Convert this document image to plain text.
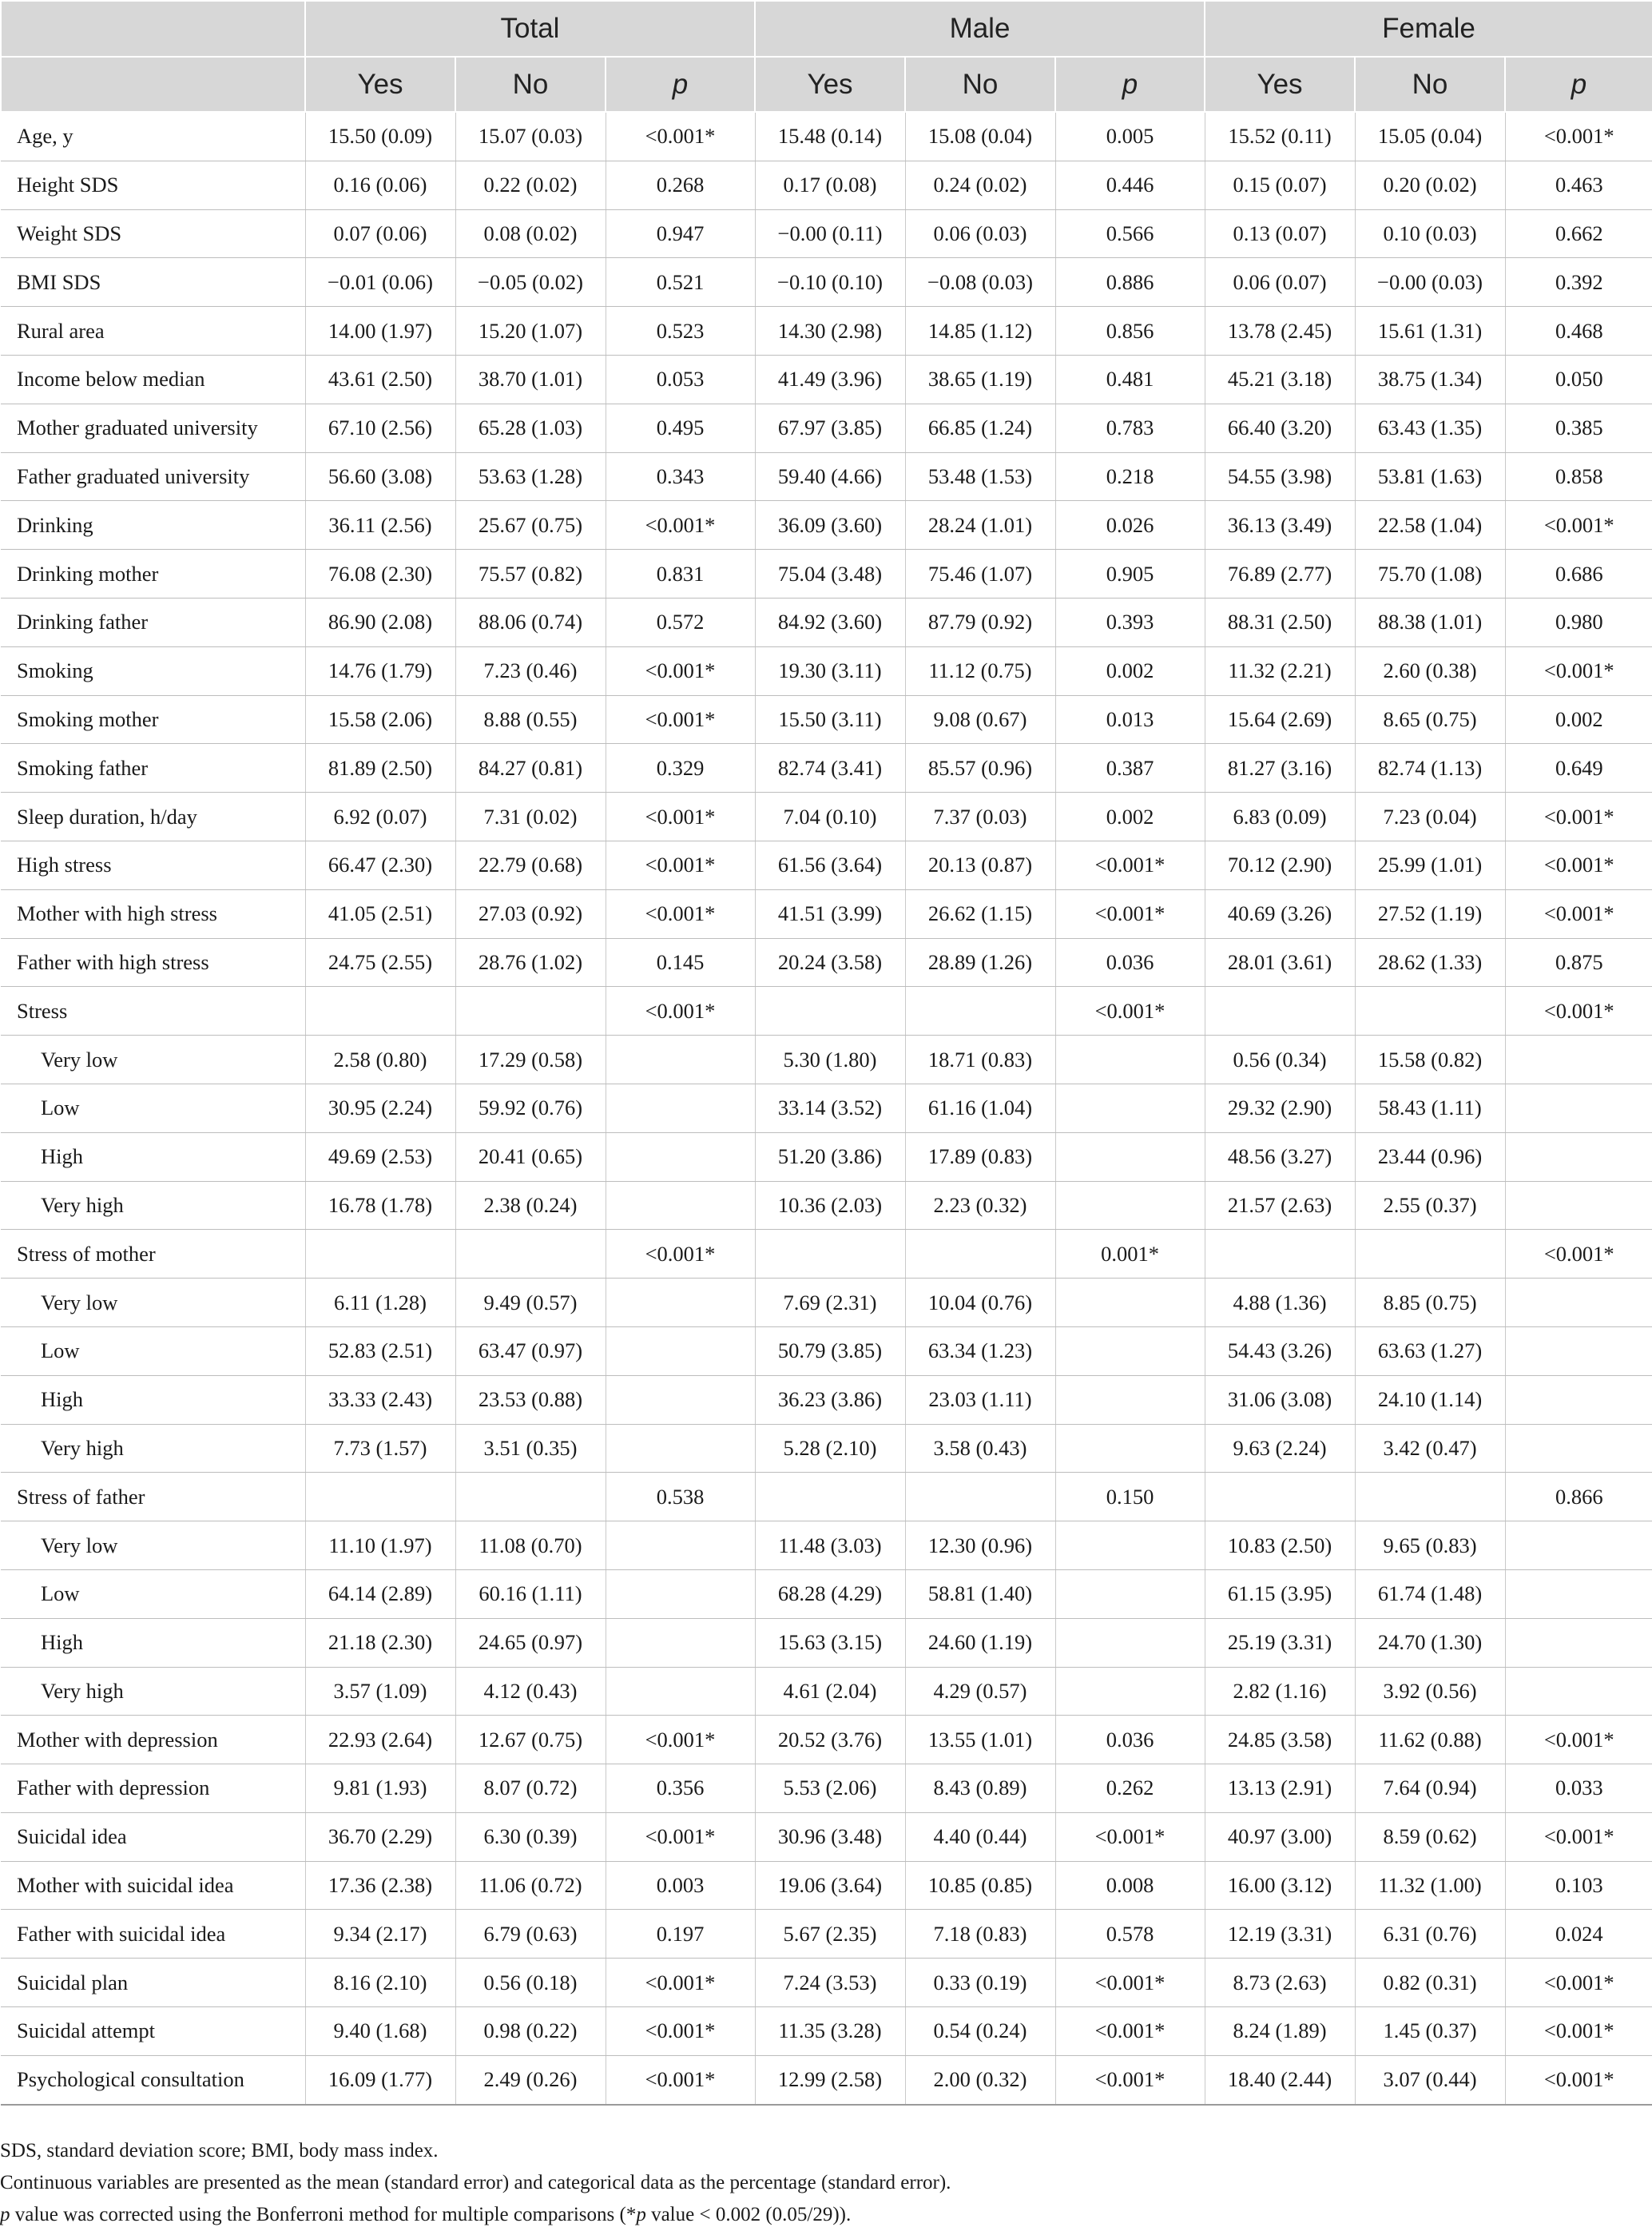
	Total			Male			Female		
	Yes	No	p	Yes	No	p	Yes	No	p
Age, y	15.50 (0.09)	15.07 (0.03)	<0.001*	15.48 (0.14)	15.08 (0.04)	0.005	15.52 (0.11)	15.05 (0.04)	<0.001*
Height SDS	0.16 (0.06)	0.22 (0.02)	0.268	0.17 (0.08)	0.24 (0.02)	0.446	0.15 (0.07)	0.20 (0.02)	0.463
Weight SDS	0.07 (0.06)	0.08 (0.02)	0.947	−0.00 (0.11)	0.06 (0.03)	0.566	0.13 (0.07)	0.10 (0.03)	0.662
BMI SDS	−0.01 (0.06)	−0.05 (0.02)	0.521	−0.10 (0.10)	−0.08 (0.03)	0.886	0.06 (0.07)	−0.00 (0.03)	0.392
Rural area	14.00 (1.97)	15.20 (1.07)	0.523	14.30 (2.98)	14.85 (1.12)	0.856	13.78 (2.45)	15.61 (1.31)	0.468
Income below median	43.61 (2.50)	38.70 (1.01)	0.053	41.49 (3.96)	38.65 (1.19)	0.481	45.21 (3.18)	38.75 (1.34)	0.050
Mother graduated university	67.10 (2.56)	65.28 (1.03)	0.495	67.97 (3.85)	66.85 (1.24)	0.783	66.40 (3.20)	63.43 (1.35)	0.385
Father graduated university	56.60 (3.08)	53.63 (1.28)	0.343	59.40 (4.66)	53.48 (1.53)	0.218	54.55 (3.98)	53.81 (1.63)	0.858
Drinking	36.11 (2.56)	25.67 (0.75)	<0.001*	36.09 (3.60)	28.24 (1.01)	0.026	36.13 (3.49)	22.58 (1.04)	<0.001*
Drinking mother	76.08 (2.30)	75.57 (0.82)	0.831	75.04 (3.48)	75.46 (1.07)	0.905	76.89 (2.77)	75.70 (1.08)	0.686
Drinking father	86.90 (2.08)	88.06 (0.74)	0.572	84.92 (3.60)	87.79 (0.92)	0.393	88.31 (2.50)	88.38 (1.01)	0.980
Smoking	14.76 (1.79)	7.23 (0.46)	<0.001*	19.30 (3.11)	11.12 (0.75)	0.002	11.32 (2.21)	2.60 (0.38)	<0.001*
Smoking mother	15.58 (2.06)	8.88 (0.55)	<0.001*	15.50 (3.11)	9.08 (0.67)	0.013	15.64 (2.69)	8.65 (0.75)	0.002
Smoking father	81.89 (2.50)	84.27 (0.81)	0.329	82.74 (3.41)	85.57 (0.96)	0.387	81.27 (3.16)	82.74 (1.13)	0.649
Sleep duration, h/day	6.92 (0.07)	7.31 (0.02)	<0.001*	7.04 (0.10)	7.37 (0.03)	0.002	6.83 (0.09)	7.23 (0.04)	<0.001*
High stress	66.47 (2.30)	22.79 (0.68)	<0.001*	61.56 (3.64)	20.13 (0.87)	<0.001*	70.12 (2.90)	25.99 (1.01)	<0.001*
Mother with high stress	41.05 (2.51)	27.03 (0.92)	<0.001*	41.51 (3.99)	26.62 (1.15)	<0.001*	40.69 (3.26)	27.52 (1.19)	<0.001*
Father with high stress	24.75 (2.55)	28.76 (1.02)	0.145	20.24 (3.58)	28.89 (1.26)	0.036	28.01 (3.61)	28.62 (1.33)	0.875
Stress			<0.001*			<0.001*			<0.001*
Very low	2.58 (0.80)	17.29 (0.58)		5.30 (1.80)	18.71 (0.83)		0.56 (0.34)	15.58 (0.82)	
Low	30.95 (2.24)	59.92 (0.76)		33.14 (3.52)	61.16 (1.04)		29.32 (2.90)	58.43 (1.11)	
High	49.69 (2.53)	20.41 (0.65)		51.20 (3.86)	17.89 (0.83)		48.56 (3.27)	23.44 (0.96)	
Very high	16.78 (1.78)	2.38 (0.24)		10.36 (2.03)	2.23 (0.32)		21.57 (2.63)	2.55 (0.37)	
Stress of mother			<0.001*			0.001*			<0.001*
Very low	6.11 (1.28)	9.49 (0.57)		7.69 (2.31)	10.04 (0.76)		4.88 (1.36)	8.85 (0.75)	
Low	52.83 (2.51)	63.47 (0.97)		50.79 (3.85)	63.34 (1.23)		54.43 (3.26)	63.63 (1.27)	
High	33.33 (2.43)	23.53 (0.88)		36.23 (3.86)	23.03 (1.11)		31.06 (3.08)	24.10 (1.14)	
Very high	7.73 (1.57)	3.51 (0.35)		5.28 (2.10)	3.58 (0.43)		9.63 (2.24)	3.42 (0.47)	
Stress of father			0.538			0.150			0.866
Very low	11.10 (1.97)	11.08 (0.70)		11.48 (3.03)	12.30 (0.96)		10.83 (2.50)	9.65 (0.83)	
Low	64.14 (2.89)	60.16 (1.11)		68.28 (4.29)	58.81 (1.40)		61.15 (3.95)	61.74 (1.48)	
High	21.18 (2.30)	24.65 (0.97)		15.63 (3.15)	24.60 (1.19)		25.19 (3.31)	24.70 (1.30)	
Very high	3.57 (1.09)	4.12 (0.43)		4.61 (2.04)	4.29 (0.57)		2.82 (1.16)	3.92 (0.56)	
Mother with depression	22.93 (2.64)	12.67 (0.75)	<0.001*	20.52 (3.76)	13.55 (1.01)	0.036	24.85 (3.58)	11.62 (0.88)	<0.001*
Father with depression	9.81 (1.93)	8.07 (0.72)	0.356	5.53 (2.06)	8.43 (0.89)	0.262	13.13 (2.91)	7.64 (0.94)	0.033
Suicidal idea	36.70 (2.29)	6.30 (0.39)	<0.001*	30.96 (3.48)	4.40 (0.44)	<0.001*	40.97 (3.00)	8.59 (0.62)	<0.001*
Mother with suicidal idea	17.36 (2.38)	11.06 (0.72)	0.003	19.06 (3.64)	10.85 (0.85)	0.008	16.00 (3.12)	11.32 (1.00)	0.103
Father with suicidal idea	9.34 (2.17)	6.79 (0.63)	0.197	5.67 (2.35)	7.18 (0.83)	0.578	12.19 (3.31)	6.31 (0.76)	0.024
Suicidal plan	8.16 (2.10)	0.56 (0.18)	<0.001*	7.24 (3.53)	0.33 (0.19)	<0.001*	8.73 (2.63)	0.82 (0.31)	<0.001*
Suicidal attempt	9.40 (1.68)	0.98 (0.22)	<0.001*	11.35 (3.28)	0.54 (0.24)	<0.001*	8.24 (1.89)	1.45 (0.37)	<0.001*
Psychological consultation	16.09 (1.77)	2.49 (0.26)	<0.001*	12.99 (2.58)	2.00 (0.32)	<0.001*	18.40 (2.44)	3.07 (0.44)	<0.001*
SDS, standard deviation score; BMI, body mass index.
Continuous variables are presented as the mean (standard error) and categorical data as the percentage (standard error).
p value was corrected using the Bonferroni method for multiple comparisons (*p value < 0.002 (0.05/29)).
